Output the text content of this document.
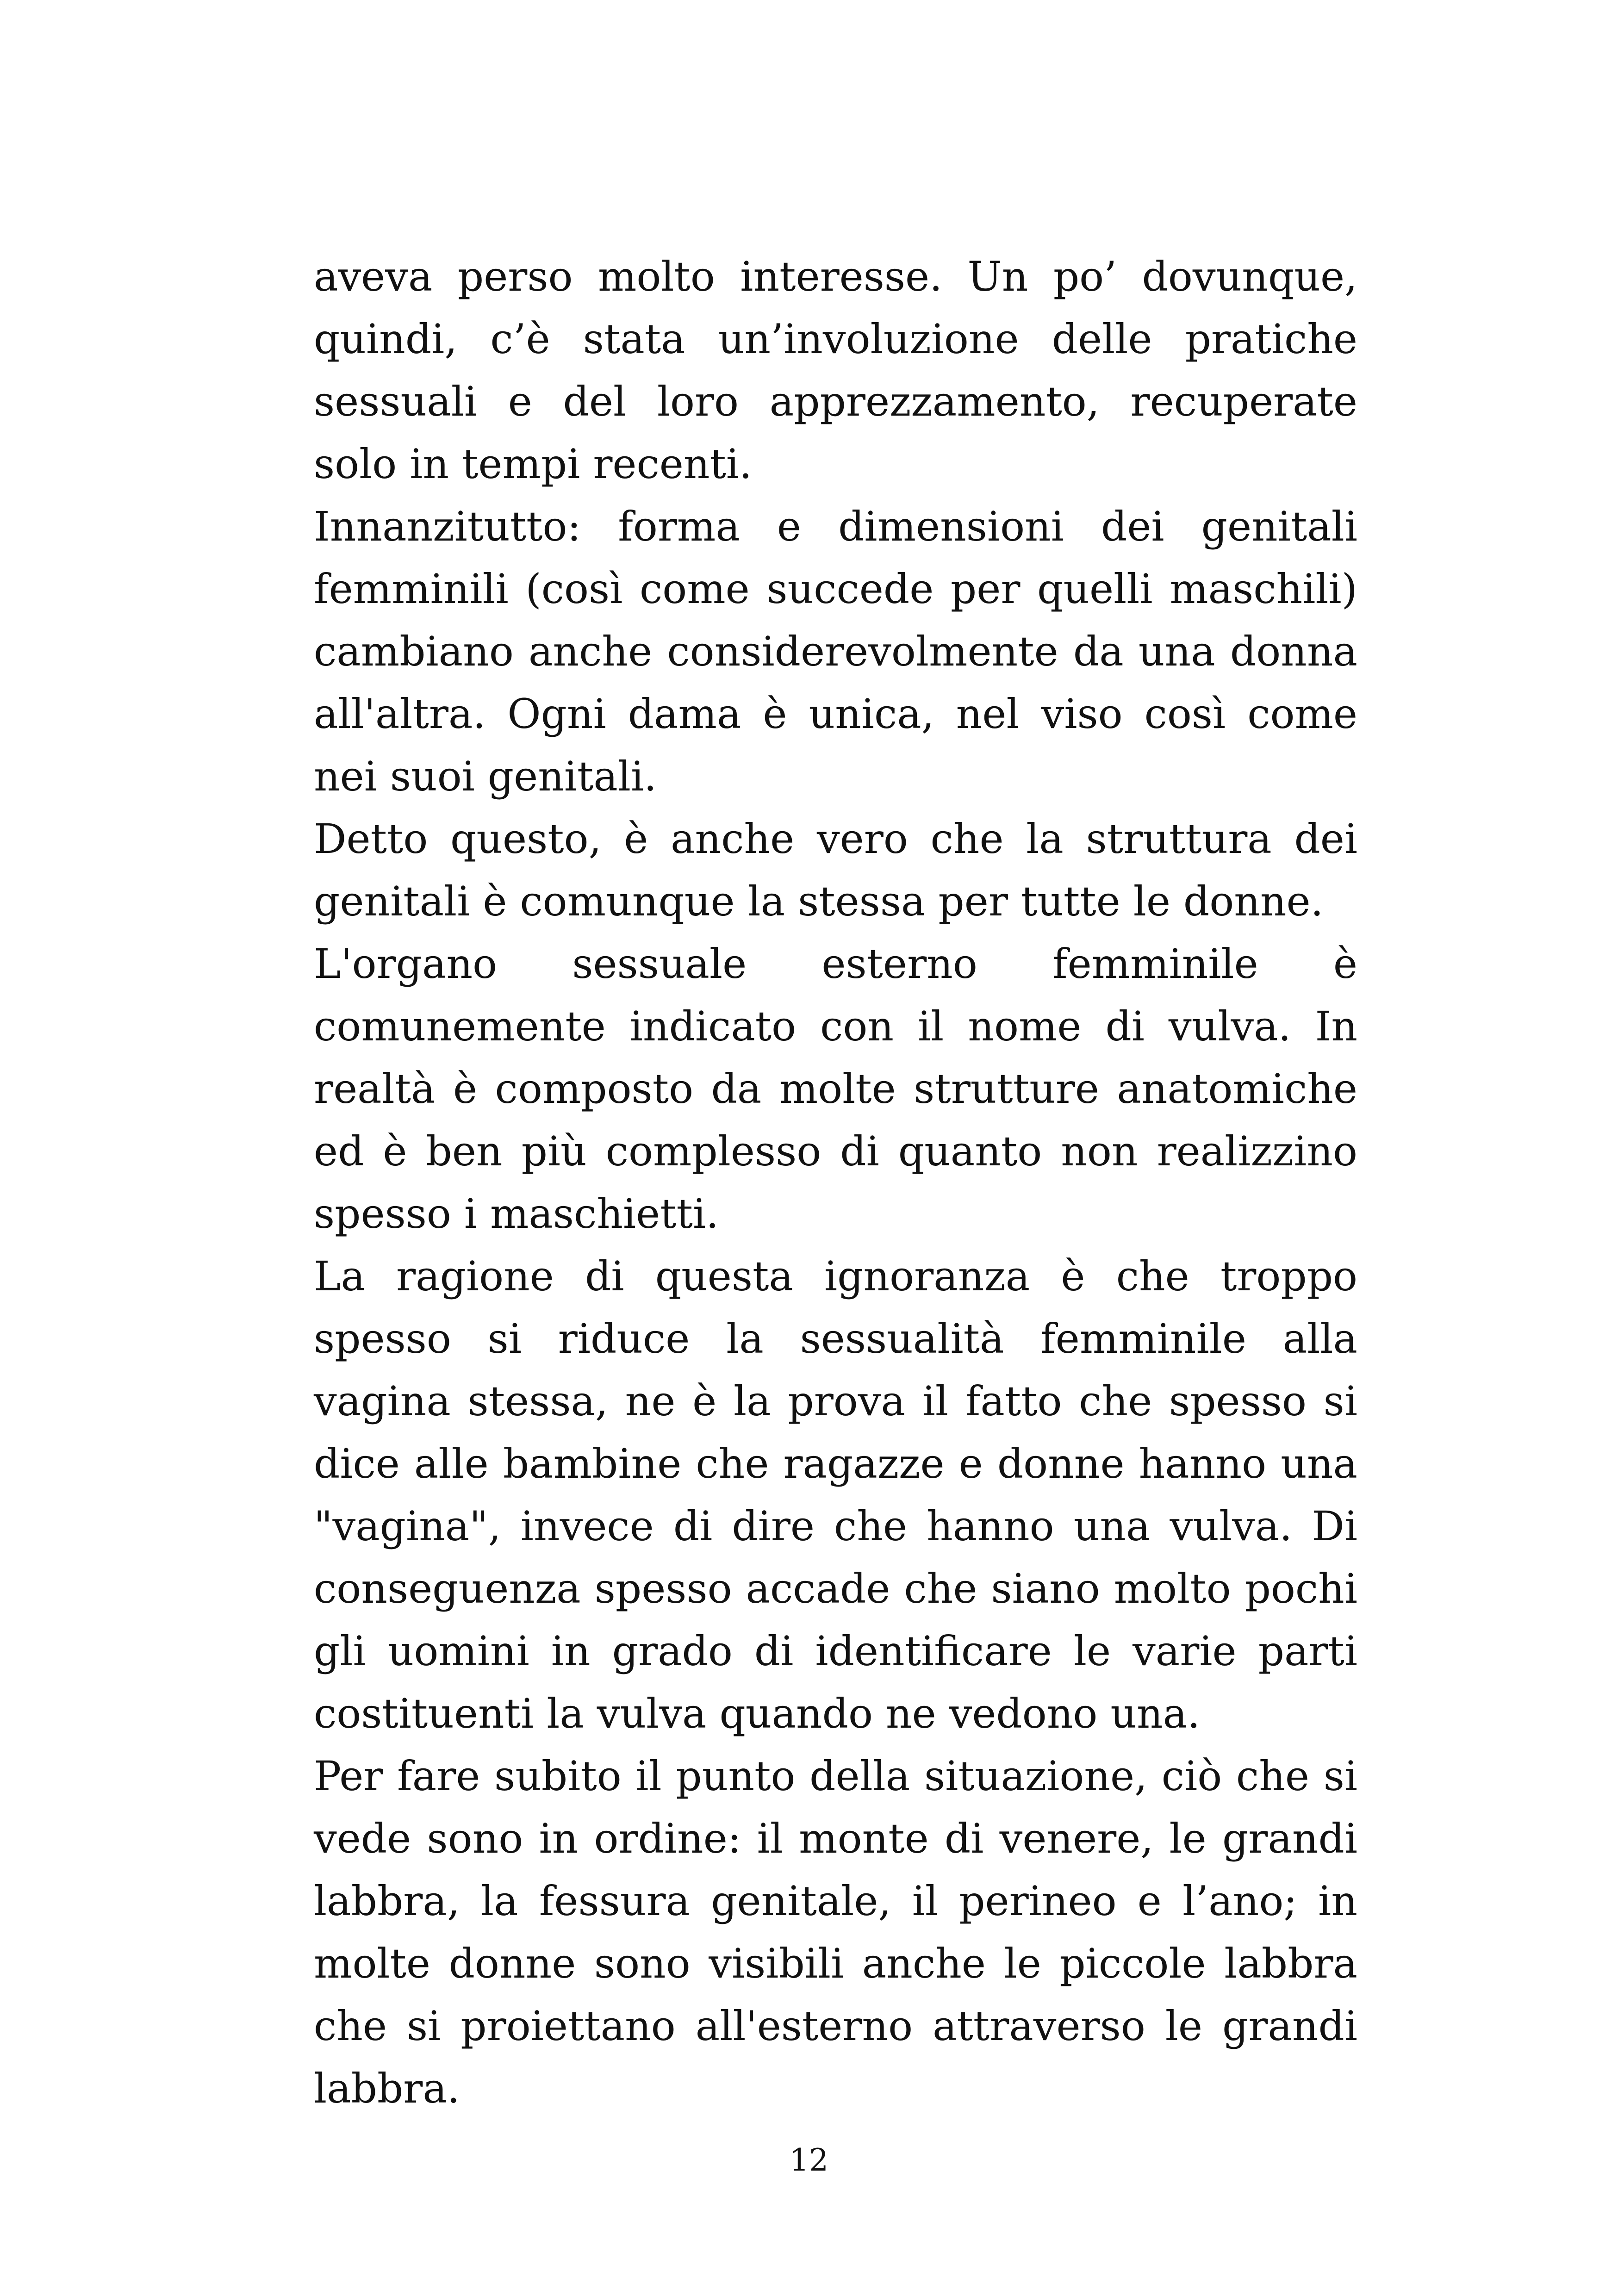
aveva perso molto interesse. Un po’ dovunque, quindi, c’è stata un’involuzione delle pratiche sessuali e del loro apprezzamento, recuperate solo in tempi recenti.

Innanzitutto: forma e dimensioni dei genitali femminili (così come succede per quelli maschili) cambiano anche considerevolmente da una donna all'altra. Ogni dama è unica, nel viso così come nei suoi genitali.

Detto questo, è anche vero che la struttura dei genitali è comunque la stessa per tutte le donne.

L'organo sessuale esterno femminile è comunemente indicato con il nome di vulva. In realtà è composto da molte strutture anatomiche ed è ben più complesso di quanto non realizzino spesso i maschietti.

La ragione di questa ignoranza è che troppo spesso si riduce la sessualità femminile alla vagina stessa, ne è la prova il fatto che spesso si dice alle bambine che ragazze e donne hanno una "vagina", invece di dire che hanno una vulva. Di conseguenza spesso accade che siano molto pochi gli uomini in grado di identificare le varie parti costituenti la vulva quando ne vedono una.

Per fare subito il punto della situazione, ciò che si vede sono in ordine: il monte di venere, le grandi labbra, la fessura genitale, il perineo e l’ano; in molte donne sono visibili anche le piccole labbra che si proiettano all'esterno attraverso le grandi labbra.

12
